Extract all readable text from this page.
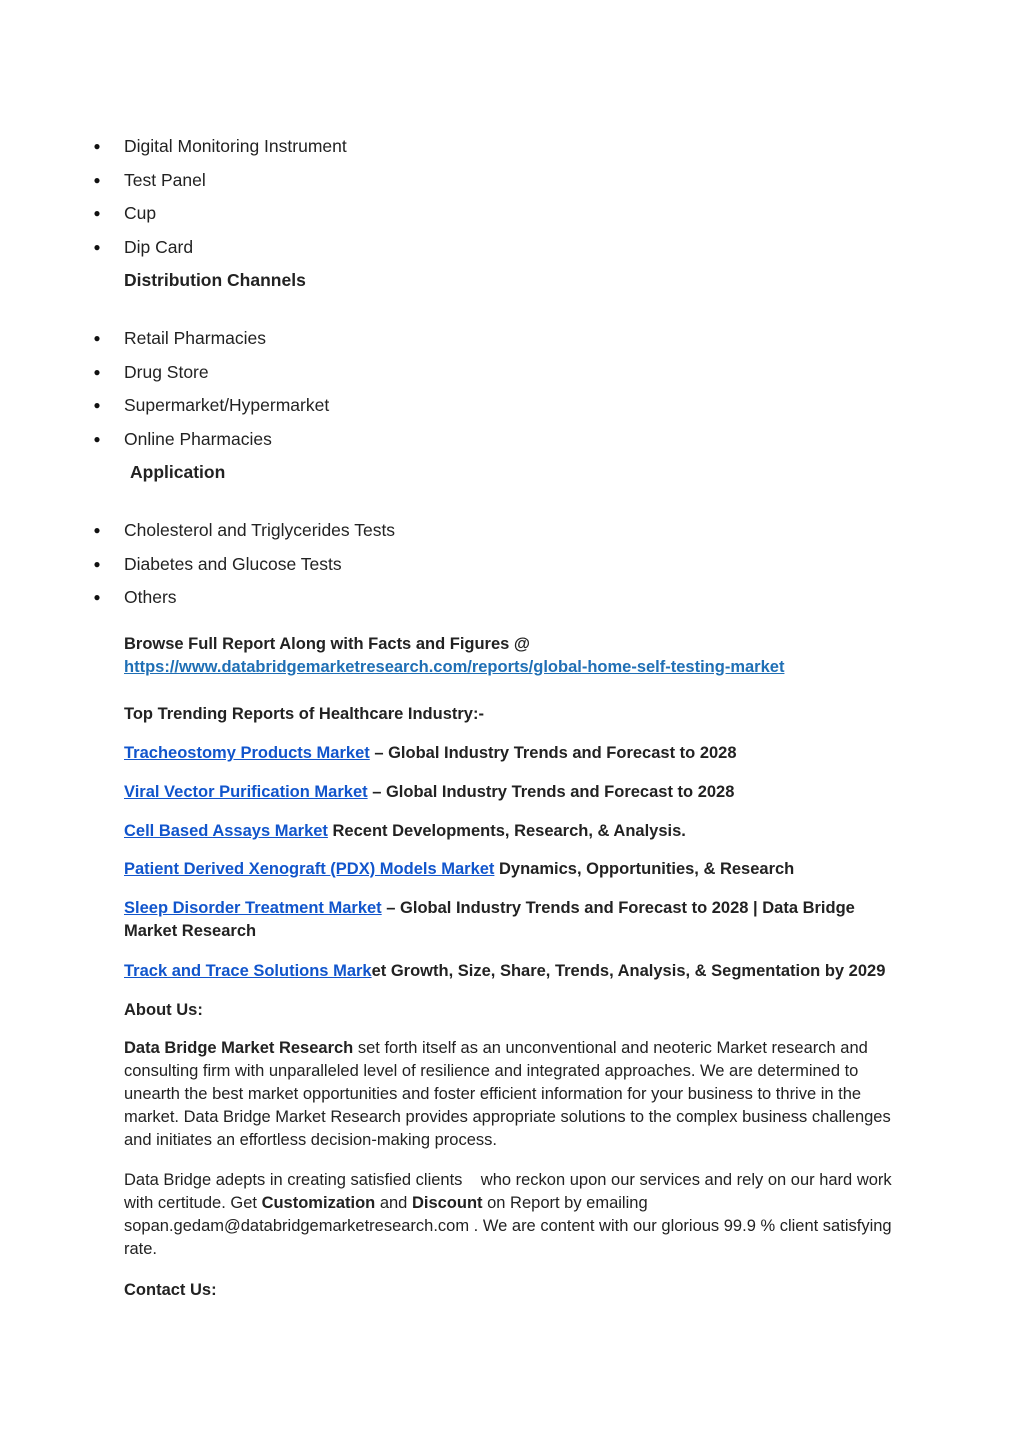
● Digital Monitoring Instrument
● Test Panel
● Cup
● Dip Card
Distribution Channels
● Retail Pharmacies
● Drug Store
● Supermarket/Hypermarket
● Online Pharmacies
Application
● Cholesterol and Triglycerides Tests
● Diabetes and Glucose Tests
● Others
Browse Full Report Along with Facts and Figures @
https://www.databridgemarketresearch.com/reports/global-home-self-testing-market
Top Trending Reports of Healthcare Industry:-
Tracheostomy Products Market – Global Industry Trends and Forecast to 2028
Viral Vector Purification Market – Global Industry Trends and Forecast to 2028
Cell Based Assays Market Recent Developments, Research, & Analysis.
Patient Derived Xenograft (PDX) Models Market Dynamics, Opportunities, & Research
Sleep Disorder Treatment Market – Global Industry Trends and Forecast to 2028 | Data Bridge Market Research
Track and Trace Solutions Market Growth, Size, Share, Trends, Analysis, & Segmentation by 2029
About Us:
Data Bridge Market Research set forth itself as an unconventional and neoteric Market research and consulting firm with unparalleled level of resilience and integrated approaches. We are determined to unearth the best market opportunities and foster efficient information for your business to thrive in the market. Data Bridge Market Research provides appropriate solutions to the complex business challenges and initiates an effortless decision-making process.
Data Bridge adepts in creating satisfied clients    who reckon upon our services and rely on our hard work with certitude. Get Customization and Discount on Report by emailing sopan.gedam@databridgemarketresearch.com . We are content with our glorious 99.9 % client satisfying rate.
Contact Us:
